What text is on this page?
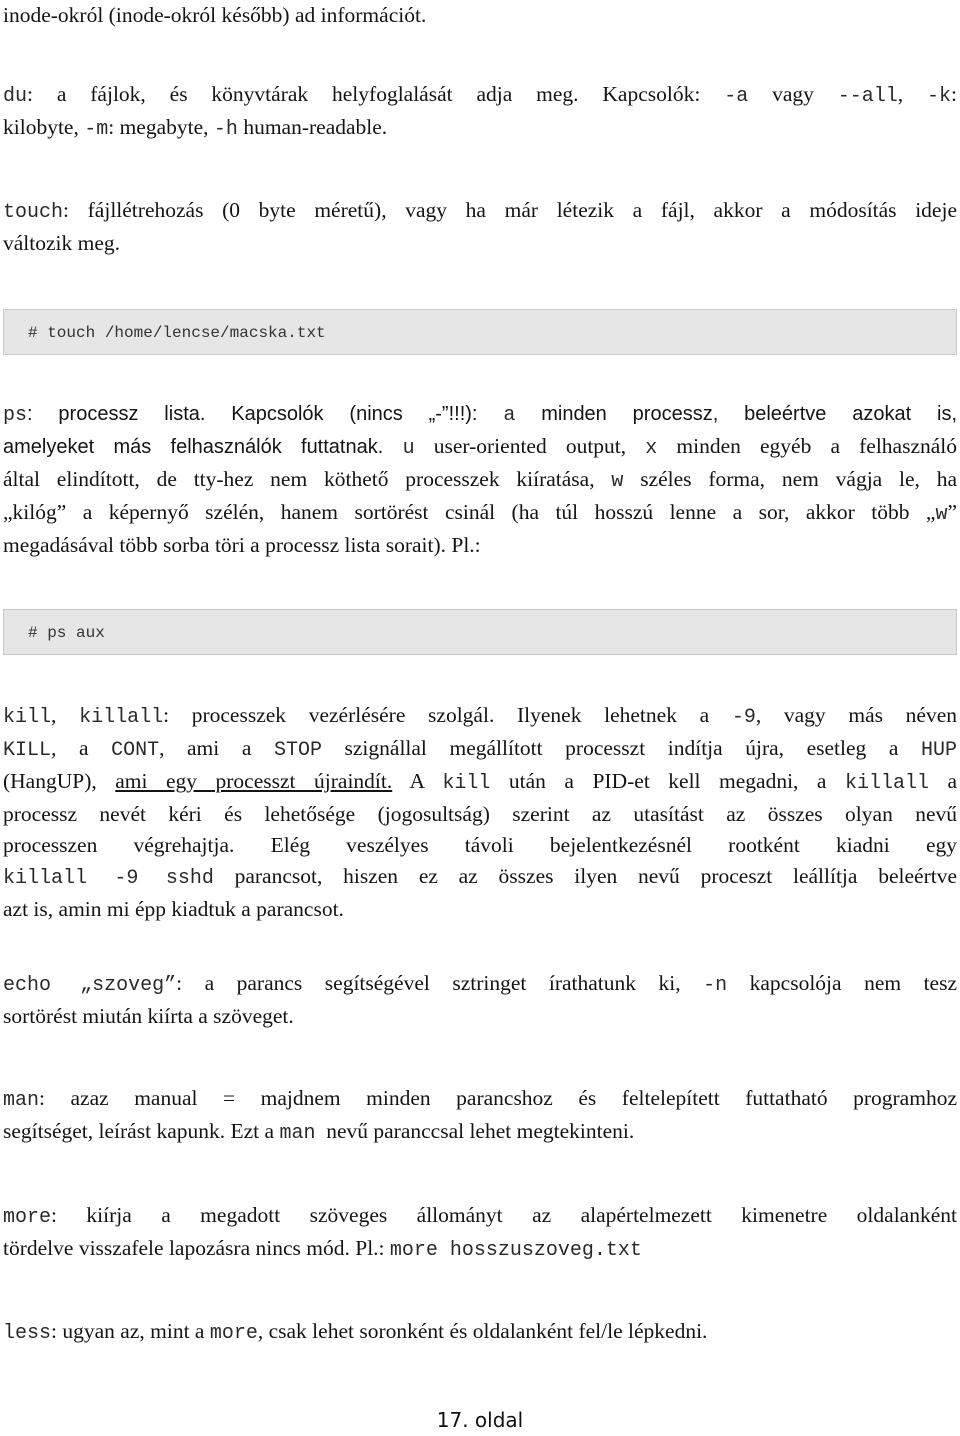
inode-okról (inode-okról később) ad információt.

du: a fájlok, és könyvtárak helyfoglalását adja meg. Kapcsolók: -a vagy --all, -k:
kilobyte, -m: megabyte, -h human-readable.

touch: fájllétrehozás (0 byte méretű), vagy ha már létezik a fájl, akkor a módosítás ideje
változik meg.

# touch /home/lencse/macska.txt

ps: processz lista. Kapcsolók (nincs „-”!!!): a minden processz, beleértve azokat is,
amelyeket más felhasználók futtatnak. u user-oriented output, x minden egyéb a felhasználó
által elindított, de tty-hez nem köthető processzek kiíratása, w széles forma, nem vágja le, ha
„kilóg” a képernyő szélén, hanem sortörést csinál (ha túl hosszú lenne a sor, akkor több „w”
megadásával több sorba töri a processz lista sorait). Pl.:

# ps aux

kill, killall: processzek vezérlésére szolgál. Ilyenek lehetnek a -9, vagy más néven
KILL, a CONT, ami a STOP szignállal megállított processzt indítja újra, esetleg a HUP
(HangUP), ami egy processzt újraindít. A kill után a PID-et kell megadni, a killall a
processz nevét kéri és lehetősége (jogosultság) szerint az utasítást az összes olyan nevű
processzen végrehajtja. Elég veszélyes távoli bejelentkezésnél rootként kiadni egy
killall -9 sshd parancsot, hiszen ez az összes ilyen nevű proceszt leállítja beleértve
azt is, amin mi épp kiadtuk a parancsot.

echo „szoveg”: a parancs segítségével sztringet írathatunk ki, -n kapcsolója nem tesz
sortörést miután kiírta a szöveget.

man: azaz manual = majdnem minden parancshoz és feltelepített futtatható programhoz
segítséget, leírást kapunk. Ezt a man  nevű paranccsal lehet megtekinteni.

more: kiírja a megadott szöveges állományt az alapértelmezett kimenetre oldalanként
tördelve visszafele lapozásra nincs mód. Pl.: more hosszuszoveg.txt

less: ugyan az, mint a more, csak lehet soronként és oldalanként fel/le lépkedni.

17. oldal
